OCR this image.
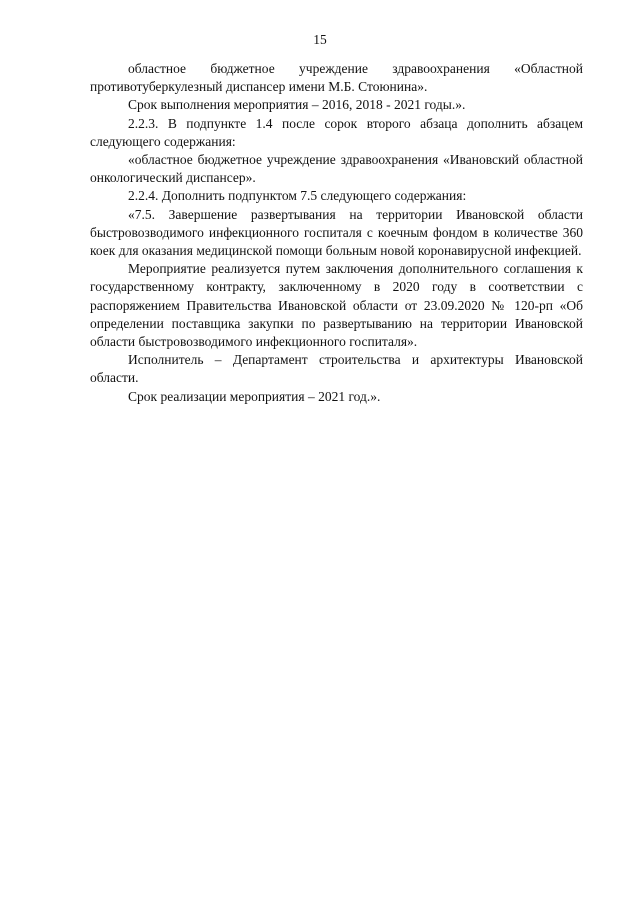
15

областное бюджетное учреждение здравоохранения «Областной противотуберкулезный диспансер имени М.Б. Стоюнина».

Срок выполнения мероприятия – 2016, 2018 - 2021 годы.».

2.2.3. В подпункте 1.4 после сорок второго абзаца дополнить абзацем следующего содержания:

«областное бюджетное учреждение здравоохранения «Ивановский областной онкологический диспансер».

2.2.4. Дополнить подпунктом 7.5 следующего содержания:

«7.5. Завершение развертывания на территории Ивановской области быстровозводимого инфекционного госпиталя с коечным фондом в количестве 360 коек для оказания медицинской помощи больным новой коронавирусной инфекцией.

Мероприятие реализуется путем заключения дополнительного соглашения к государственному контракту, заключенному в 2020 году в соответствии с распоряжением Правительства Ивановской области от 23.09.2020 № 120-рп «Об определении поставщика закупки по развертыванию на территории Ивановской области быстровозводимого инфекционного госпиталя».

Исполнитель – Департамент строительства и архитектуры Ивановской области.

Срок реализации мероприятия – 2021 год.».
